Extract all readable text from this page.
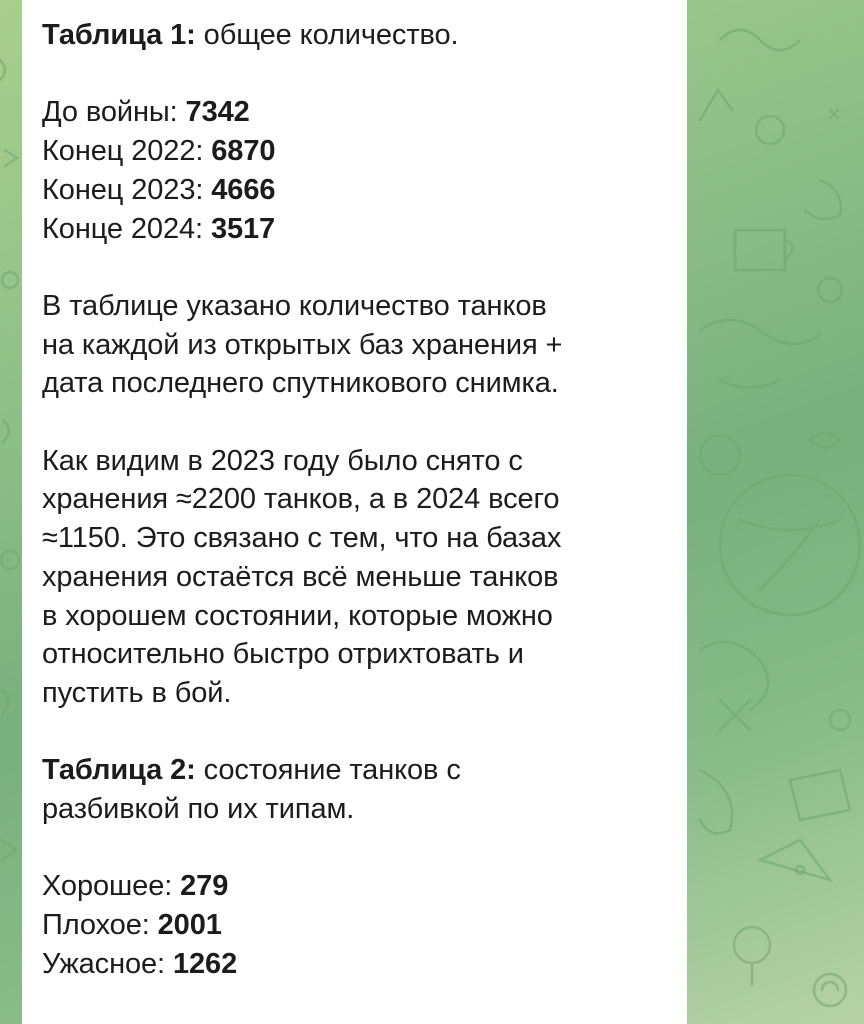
Таблица 1: общее количество.
До войны: 7342
Конец 2022: 6870
Конец 2023: 4666
Конце 2024: 3517
В таблице указано количество танков
на каждой из открытых баз хранения +
дата последнего спутникового снимка.
Как видим в 2023 году было снято с
хранения ≈2200 танков, а в 2024 всего
≈1150. Это связано с тем, что на базах
хранения остаётся всё меньше танков
в хорошем состоянии, которые можно
относительно быстро отрихтовать и
пустить в бой.
Таблица 2: состояние танков с
разбивкой по их типам.
Хорошее: 279
Плохое: 2001
Ужасное: 1262
